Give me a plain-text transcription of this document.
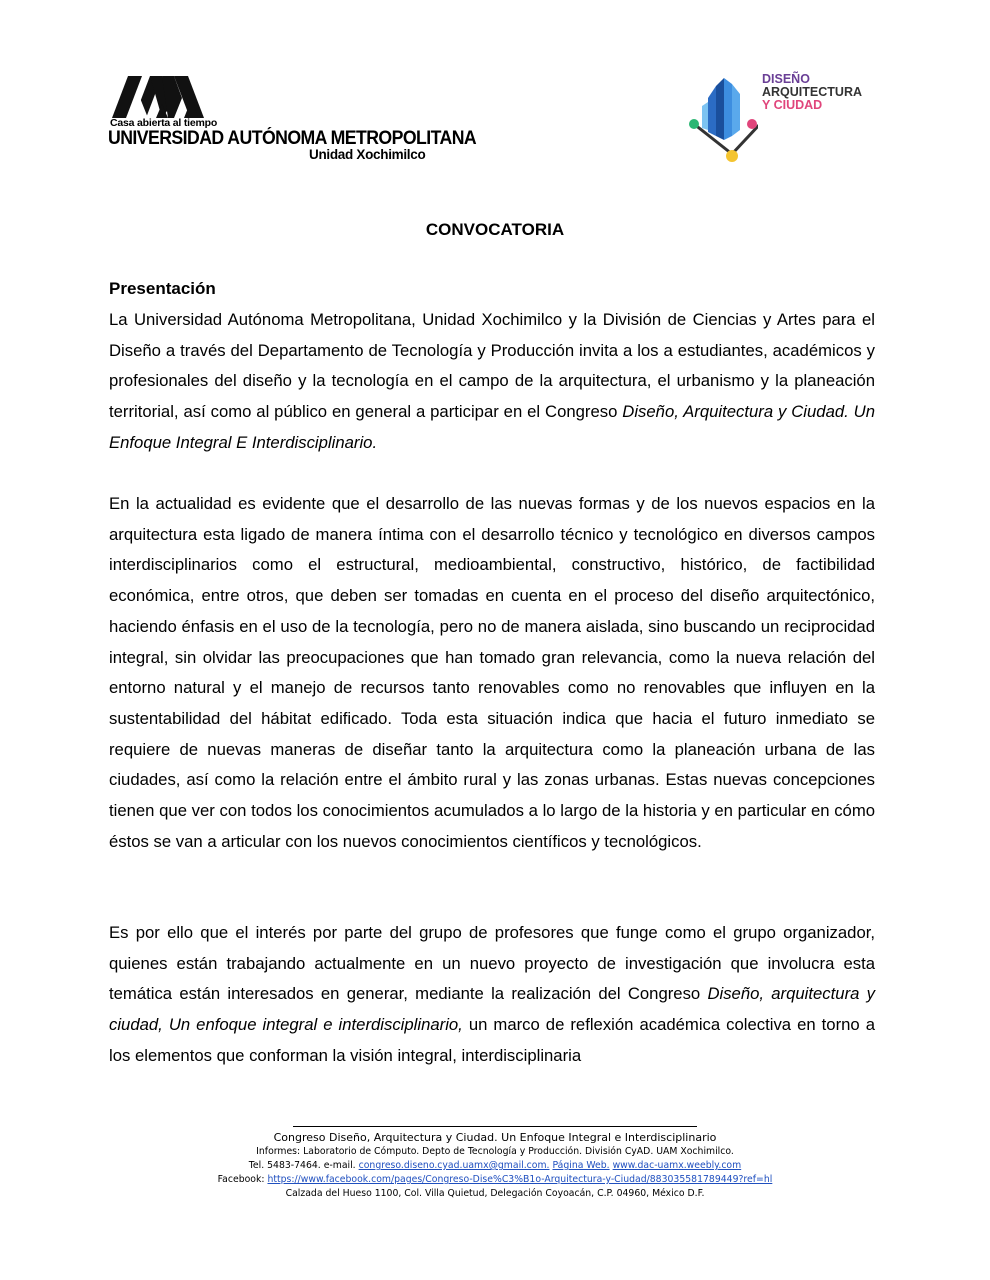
Casa abierta al tiempo
UNIVERSIDAD AUTÓNOMA METROPOLITANA
Unidad Xochimilco
DISEÑO
ARQUITECTURA
Y CIUDAD
CONVOCATORIA
Presentación

La Universidad Autónoma Metropolitana, Unidad Xochimilco y la División de Ciencias y Artes para el Diseño a través del Departamento de Tecnología y Producción invita a los a estudiantes, académicos y profesionales del diseño y la tecnología en el campo de la arquitectura, el urbanismo y la planeación territorial, así como al público en general a participar en el Congreso Diseño, Arquitectura y Ciudad. Un Enfoque Integral E Interdisciplinario.

En la actualidad es evidente que el desarrollo de las nuevas formas y de los nuevos espacios en la arquitectura esta ligado de manera íntima con el desarrollo técnico y tecnológico en diversos campos interdisciplinarios como el estructural, medioambiental, constructivo, histórico, de factibilidad económica, entre otros, que deben ser tomadas en cuenta en el proceso del diseño arquitectónico, haciendo énfasis en el uso de la tecnología, pero no de manera aislada, sino buscando un reciprocidad integral, sin olvidar las preocupaciones que han tomado gran relevancia, como la nueva relación del entorno natural y el manejo de recursos tanto renovables como no renovables que influyen en la sustentabilidad del hábitat edificado. Toda esta situación indica que hacia el futuro inmediato se requiere de nuevas maneras de diseñar tanto la arquitectura como la planeación urbana de las ciudades, así como la relación entre el ámbito rural y las zonas urbanas. Estas nuevas concepciones tienen que ver con todos los conocimientos acumulados a lo largo de la historia y en particular en cómo éstos se van a articular con los nuevos conocimientos científicos y tecnológicos.

Es por ello que el interés por parte del grupo de profesores que funge como el grupo organizador, quienes están trabajando actualmente en un nuevo proyecto de investigación que involucra esta temática están interesados en generar, mediante la realización del Congreso Diseño, arquitectura y ciudad, Un enfoque integral e interdisciplinario, un marco de reflexión académica colectiva en torno a los elementos que conforman la visión integral, interdisciplinaria

Congreso Diseño, Arquitectura y Ciudad. Un Enfoque Integral e Interdisciplinario
Informes: Laboratorio de Cómputo. Depto de Tecnología y Producción. División CyAD. UAM Xochimilco.
Tel. 5483-7464. e-mail. congreso.diseno.cyad.uamx@gmail.com. Página Web. www.dac-uamx.weebly.com
Facebook: https://www.facebook.com/pages/Congreso-Dise%C3%B1o-Arquitectura-y-Ciudad/883035581789449?ref=hl
Calzada del Hueso 1100, Col. Villa Quietud, Delegación Coyoacán, C.P. 04960, México D.F.
